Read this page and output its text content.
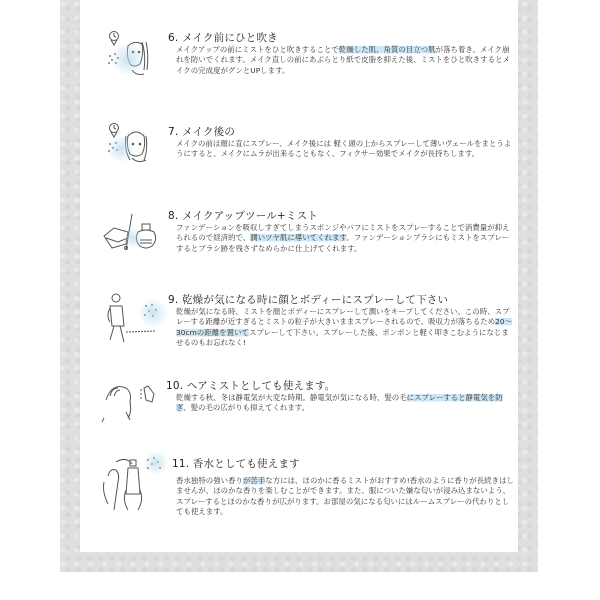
6. メイク前にひと吹き
メイクアップの前にミストをひと吹きすることで乾燥した肌、角質の目立つ肌が落ち着き、メイク崩れを防いでくれます。メイク直しの前にあぶらとり紙で皮脂を抑えた後、ミストをひと吹きするとメイクの完成度がグンとUPします。
7. メイク後の
メイクの前は顔に直にスプレー、メイク後には 軽く頭の上からスプレーして薄いヴェールをまとうようにすると、メイクにムラが出来ることもなく、フィクサー効果でメイクが長持ちします。
8. メイクアップツール+ミスト
ファンデーションを吸収しすぎてしまうスポンジやパフにミストをスプレーすることで消費量が抑えられるので経済的で、潤いツヤ肌に導いてくれます。ファンデーションブラシにもミストをスプレーするとブラシ跡を残さずなめらかに仕上げてくれます。
9. 乾燥が気になる時に顔とボディーにスプレーして下さい
乾燥が気になる時、ミストを顔とボディーにスプレーして潤いをキープしてください。この時、スプレーする距離が近すぎるとミストの粒子が大きいままスプレーされるので、吸収力が落ちるため20〜30cmの距離を置いてスプレーして下さい。スプレーした後、ポンポンと軽く叩きこむようになじませるのもお忘れなく!
10. ヘアミストとしても使えます。
乾燥する秋、冬は静電気が大変な時期。静電気が気になる時、髪の毛にスプレーすると静電気を防ぎ、髪の毛の広がりも抑えてくれます。
11. 香水としても使えます
香水独特の強い香りが苦手な方には、ほのかに香るミストがおすすめ!香水のように香りが長続きはしませんが、ほのかな香りを楽しむことができます。また、服についた嫌な匂いが浸み込まないよう、スプレーするとほのかな香りが広がります。お部屋の気になる匂いにはルームスプレーの代わりとしても使えます。
